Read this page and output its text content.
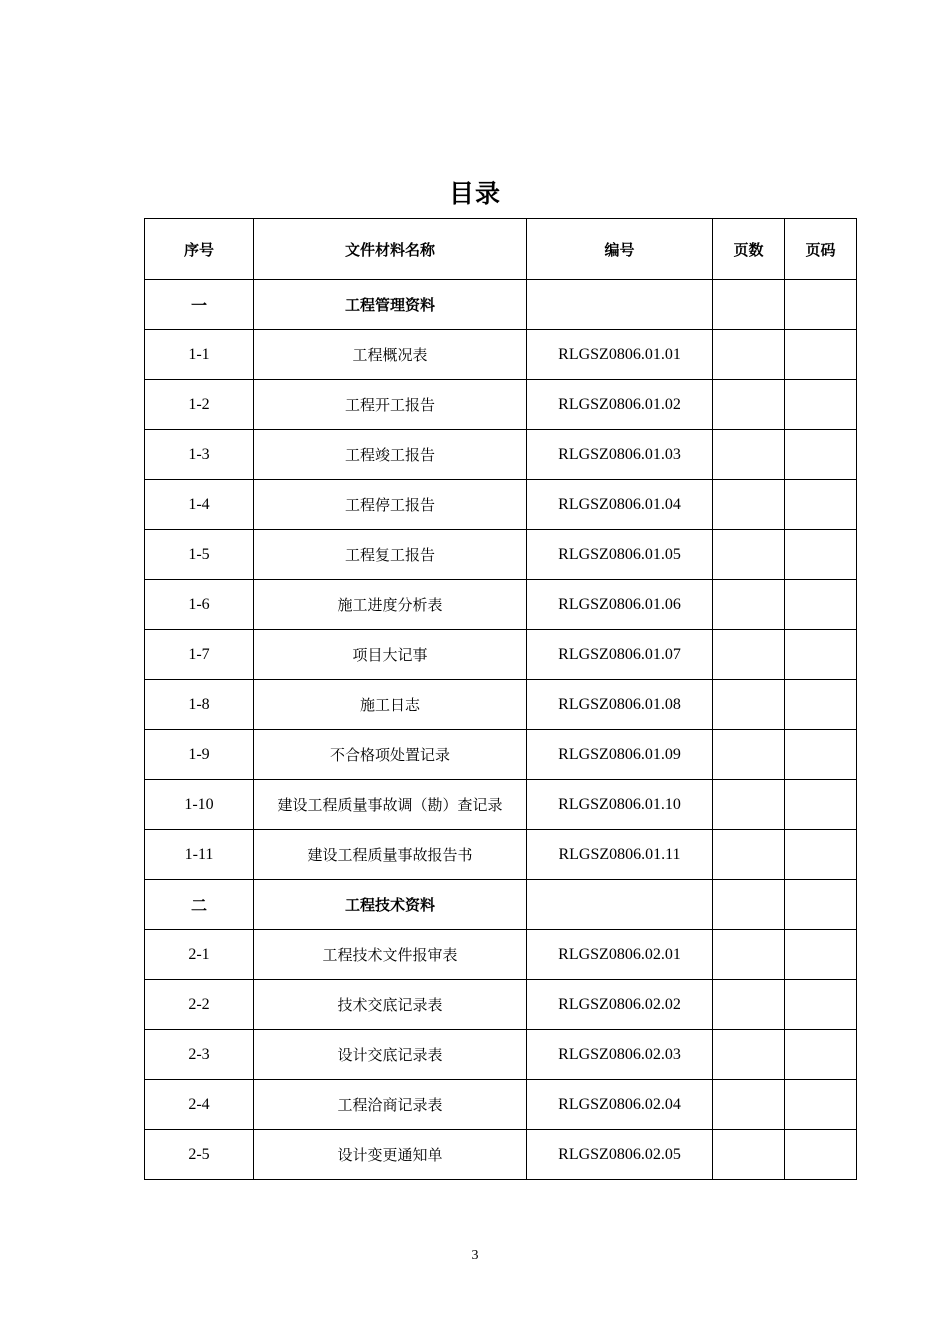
目录
序号	文件材料名称	编号	页数	页码
一	工程管理资料			
1-1	工程概况表	RLGSZ0806.01.01		
1-2	工程开工报告	RLGSZ0806.01.02		
1-3	工程竣工报告	RLGSZ0806.01.03		
1-4	工程停工报告	RLGSZ0806.01.04		
1-5	工程复工报告	RLGSZ0806.01.05		
1-6	施工进度分析表	RLGSZ0806.01.06		
1-7	项目大记事	RLGSZ0806.01.07		
1-8	施工日志	RLGSZ0806.01.08		
1-9	不合格项处置记录	RLGSZ0806.01.09		
1-10	建设工程质量事故调（勘）查记录	RLGSZ0806.01.10		
1-11	建设工程质量事故报告书	RLGSZ0806.01.11		
二	工程技术资料			
2-1	工程技术文件报审表	RLGSZ0806.02.01		
2-2	技术交底记录表	RLGSZ0806.02.02		
2-3	设计交底记录表	RLGSZ0806.02.03		
2-4	工程洽商记录表	RLGSZ0806.02.04		
2-5	设计变更通知单	RLGSZ0806.02.05		
3
